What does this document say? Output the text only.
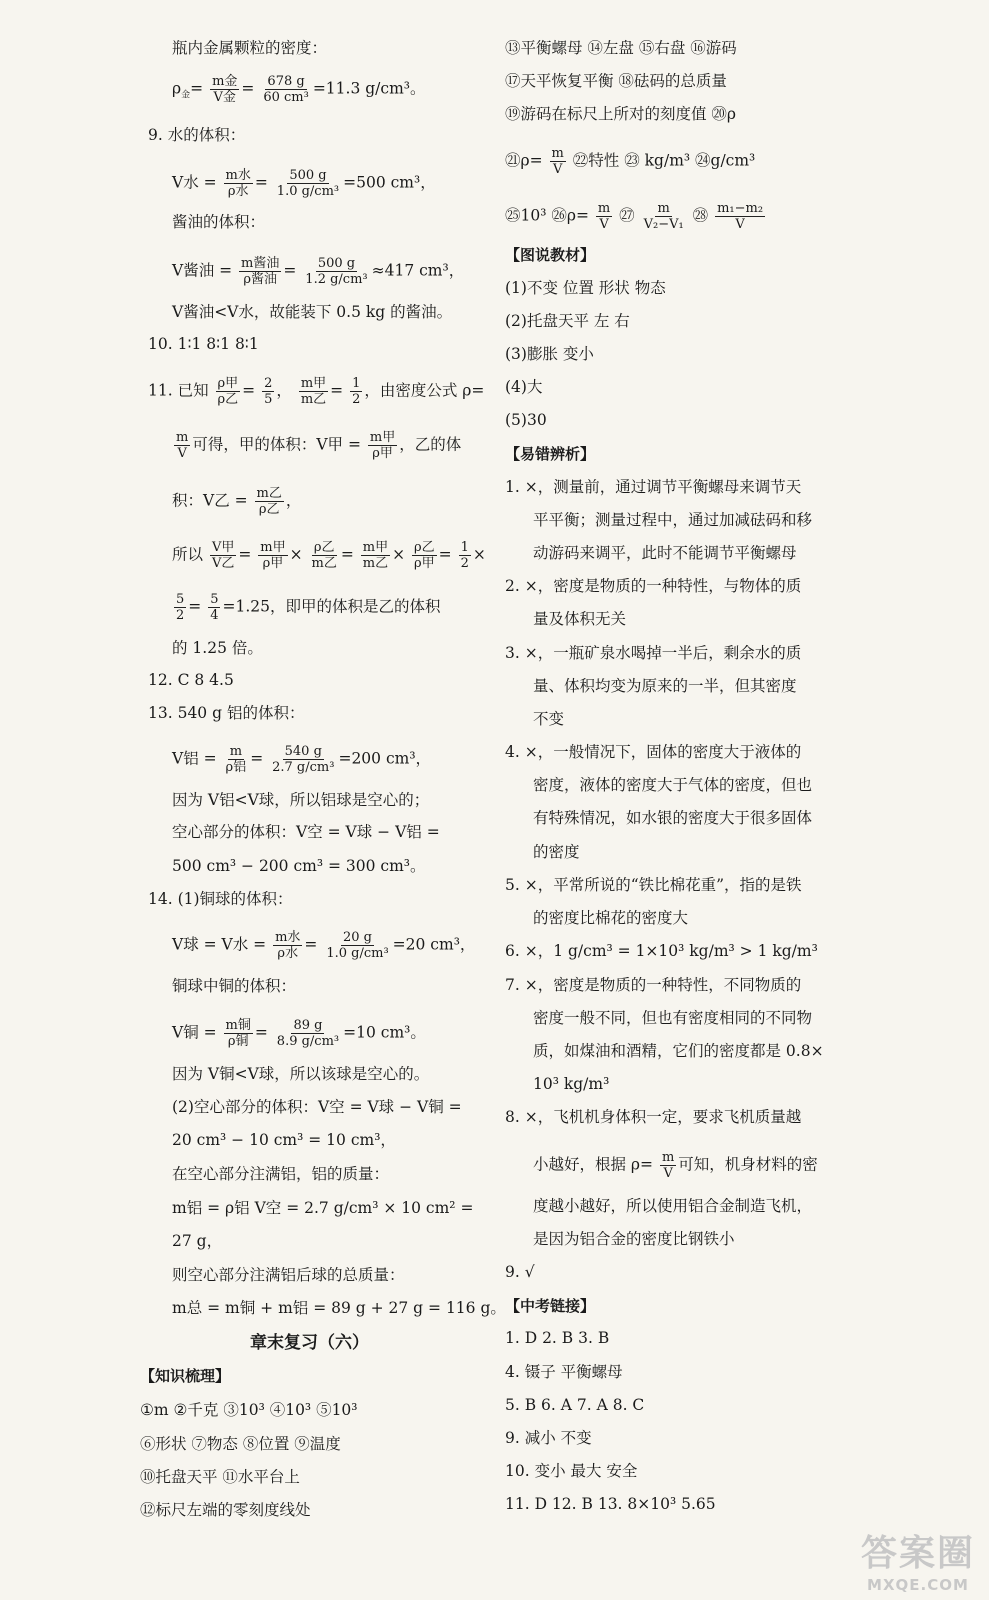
瓶内金属颗粒的密度：
$\rho_金= \frac{\text{m金}}{\text{V金}} = \frac{678 g}{\text{60 cm³}} =11.3$ g/cm³。
9. 水的体积：
V水 = $\frac{\text{m水}}{\text{ρ水}} = \frac{500 g}{\text{1.0 g/cm³}} =500$ cm³，
酱油的体积：
V酱油 = $\frac{\text{m酱油}}{\text{ρ酱油}} = \frac{500 g}{\text{1.2 g/cm³}} \approx 417$ cm³，
V酱油<V水，故能装下 0.5 kg 的酱油。
10. 1∶1 8∶1 8∶1
11. 已知 $\frac{\text{ρ甲}}{\text{ρ乙}} = \frac{2}{5}$ ， $\frac{\text{m甲}}{\text{m乙}} = \frac{1}{2}$ ，由密度公式 ρ=
$\frac{m}{V}$ 可得，甲的体积：V甲 = $\frac{\text{m甲}}{\text{ρ甲}}$ ，乙的体
积：V乙 = $\frac{\text{m乙}}{\text{ρ乙}}$ ，
所以 $\frac{\text{V甲}}{\text{V乙}} = \frac{\text{m甲}}{\text{ρ甲}} \times \frac{\text{ρ乙}}{\text{m乙}} = \frac{\text{m甲}}{\text{m乙}} \times \frac{\text{ρ乙}}{\text{ρ甲}} = \frac{1}{2}$ ×
$\frac{5}{2} = \frac{5}{4} =1.25$，即甲的体积是乙的体积
的 1.25 倍。
12. C 8 4.5
13. 540 g 铝的体积：
V铝 = $\frac{m}{\text{ρ铝}} = \frac{540 g}{\text{2.7 g/cm³}} =200$ cm³，
因为 V铝<V球，所以铝球是空心的；
空心部分的体积：V空 = V球 − V铝 =
500 cm³ − 200 cm³ = 300 cm³。
14. (1)铜球的体积：
V球 = V水 = $\frac{\text{m水}}{\text{ρ水}} = \frac{20 g}{\text{1.0 g/cm³}} =20$ cm³，
铜球中铜的体积：
V铜 = $\frac{\text{m铜}}{\text{ρ铜}} = \frac{89 g}{\text{8.9 g/cm³}} =10$ cm³。
因为 V铜<V球，所以该球是空心的。
(2)空心部分的体积：V空 = V球 − V铜 =
20 cm³ − 10 cm³ = 10 cm³，
在空心部分注满铝，铝的质量：
m铝 = ρ铝 V空 = 2.7 g/cm³ × 10 cm² =
27 g，
则空心部分注满铝后球的总质量：
m总 = m铜 + m铝 = 89 g + 27 g = 116 g。
章末复习（六）
【知识梳理】
①m ②千克 ③10³ ④10³ ⑤10³
⑥形状 ⑦物态 ⑧位置 ⑨温度
⑩托盘天平 ⑪水平台上
⑫标尺左端的零刻度线处
⑬平衡螺母 ⑭左盘 ⑮右盘 ⑯游码
⑰天平恢复平衡 ⑱砝码的总质量
⑲游码在标尺上所对的刻度值 ⑳ρ
㉑ρ= $\frac{m}{V}$ ㉒特性 ㉓ kg/m³ ㉔g/cm³
㉕10³ ㉖ρ= $\frac{m}{V}$ ㉗ $\frac{m}{\text{V₂−V₁}}$ ㉘ $\frac{\text{m₁−m₂}}{V}$
【图说教材】
(1)不变 位置 形状 物态
(2)托盘天平 左 右
(3)膨胀 变小
(4)大
(5)30
【易错辨析】
1. ×，测量前，通过调节平衡螺母来调节天
平平衡；测量过程中，通过加减砝码和移
动游码来调平，此时不能调节平衡螺母
2. ×，密度是物质的一种特性，与物体的质
量及体积无关
3. ×，一瓶矿泉水喝掉一半后，剩余水的质
量、体积均变为原来的一半，但其密度
不变
4. ×，一般情况下，固体的密度大于液体的
密度，液体的密度大于气体的密度，但也
有特殊情况，如水银的密度大于很多固体
的密度
5. ×，平常所说的“铁比棉花重”，指的是铁
的密度比棉花的密度大
6. ×，1 g/cm³ = 1×10³ kg/m³ > 1 kg/m³
7. ×，密度是物质的一种特性，不同物质的
密度一般不同，但也有密度相同的不同物
质，如煤油和酒精，它们的密度都是 0.8×
10³ kg/m³
8. ×，飞机机身体积一定，要求飞机质量越
小越好，根据 $\rho= \frac{m}{V}$ 可知，机身材料的密
度越小越好，所以使用铝合金制造飞机，
是因为铝合金的密度比钢铁小
9. √
【中考链接】
1. D 2. B 3. B
4. 镊子 平衡螺母
5. B 6. A 7. A 8. C
9. 减小 不变
10. 变小 最大 安全
11. D 12. B 13. 8×10³ 5.65
答案圈
MXQE.COM
